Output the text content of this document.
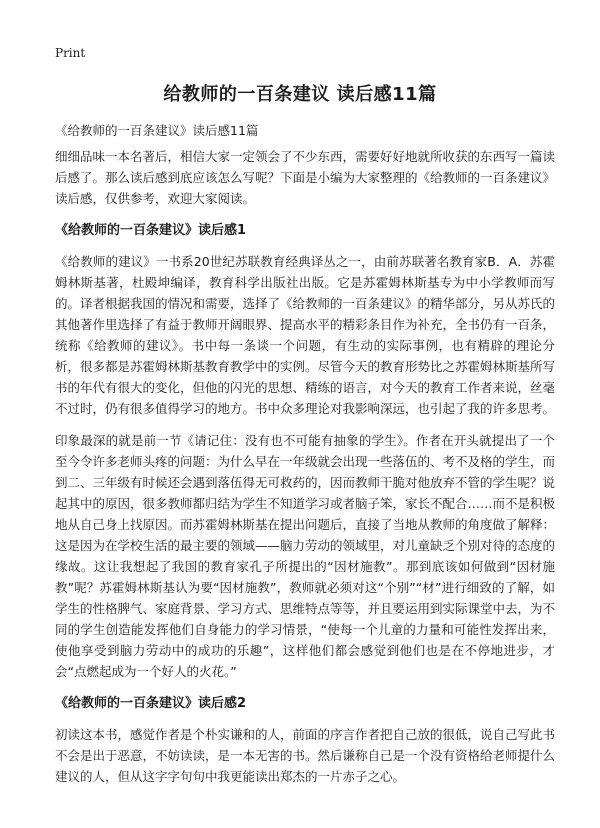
Print
给教师的一百条建议 读后感11篇

《给教师的一百条建议》读后感11篇

细细品味一本名著后，相信大家一定领会了不少东西，需要好好地就所收获的东西写一篇读后感了。那么读后感到底应该怎么写呢？下面是小编为大家整理的《给教师的一百条建议》读后感，仅供参考，欢迎大家阅读。

《给教师的一百条建议》读后感1

《给教师的建议》一书系20世纪苏联教育经典译丛之一，由前苏联著名教育家B．A．苏霍姆林斯基著，杜殿坤编译，教育科学出版社出版。它是苏霍姆林斯基专为中小学教师而写的。译者根据我国的情况和需要，选择了《给教师的一百条建议》的精华部分，另从苏氏的其他著作里选择了有益于教师开阔眼界、提高水平的精彩条目作为补充，全书仍有一百条，统称《给教师的建议》。书中每一条谈一个问题，有生动的实际事例，也有精辟的理论分析，很多都是苏霍姆林斯基教育教学中的实例。尽管今天的教育形势比之苏霍姆林斯基所写书的年代有很大的变化，但他的闪光的思想、精练的语言，对今天的教育工作者来说，丝毫不过时，仍有很多值得学习的地方。书中众多理论对我影响深远，也引起了我的许多思考。

印象最深的就是前一节《请记住：没有也不可能有抽象的学生》。作者在开头就提出了一个至今令许多老师头疼的问题：为什么早在一年级就会出现一些落伍的、考不及格的学生，而到二、三年级有时候还会遇到落伍得无可救药的，因而教师干脆对他放弃不管的学生呢？说起其中的原因，很多教师都归结为学生不知道学习或者脑子笨，家长不配合……而不是积极地从自己身上找原因。而苏霍姆林斯基在提出问题后，直接了当地从教师的角度做了解释：这是因为在学校生活的最主要的领域——脑力劳动的领域里，对儿童缺乏个别对待的态度的缘故。这让我想起了我国的教育家孔子所提出的“因材施教”。那到底该如何做到“因材施教”呢？苏霍姆林斯基认为要“因材施教”，教师就必须对这“个别”“材”进行细致的了解，如学生的性格脾气、家庭背景、学习方式、思维特点等等，并且要运用到实际课堂中去，为不同的学生创造能发挥他们自身能力的学习情景，“使每一个儿童的力量和可能性发挥出来，使他享受到脑力劳动中的成功的乐趣”，这样他们都会感觉到他们也是在不停地进步，才会“点燃起成为一个好人的火花。”

《给教师的一百条建议》读后感2

初读这本书，感觉作者是个朴实谦和的人，前面的序言作者把自己放的很低，说自己写此书不会是出于恶意，不妨读读，是一本无害的书。然后谦称自己是一个没有资格给老师提什么建议的人，但从这字字句句中我更能读出郑杰的一片赤子之心。
